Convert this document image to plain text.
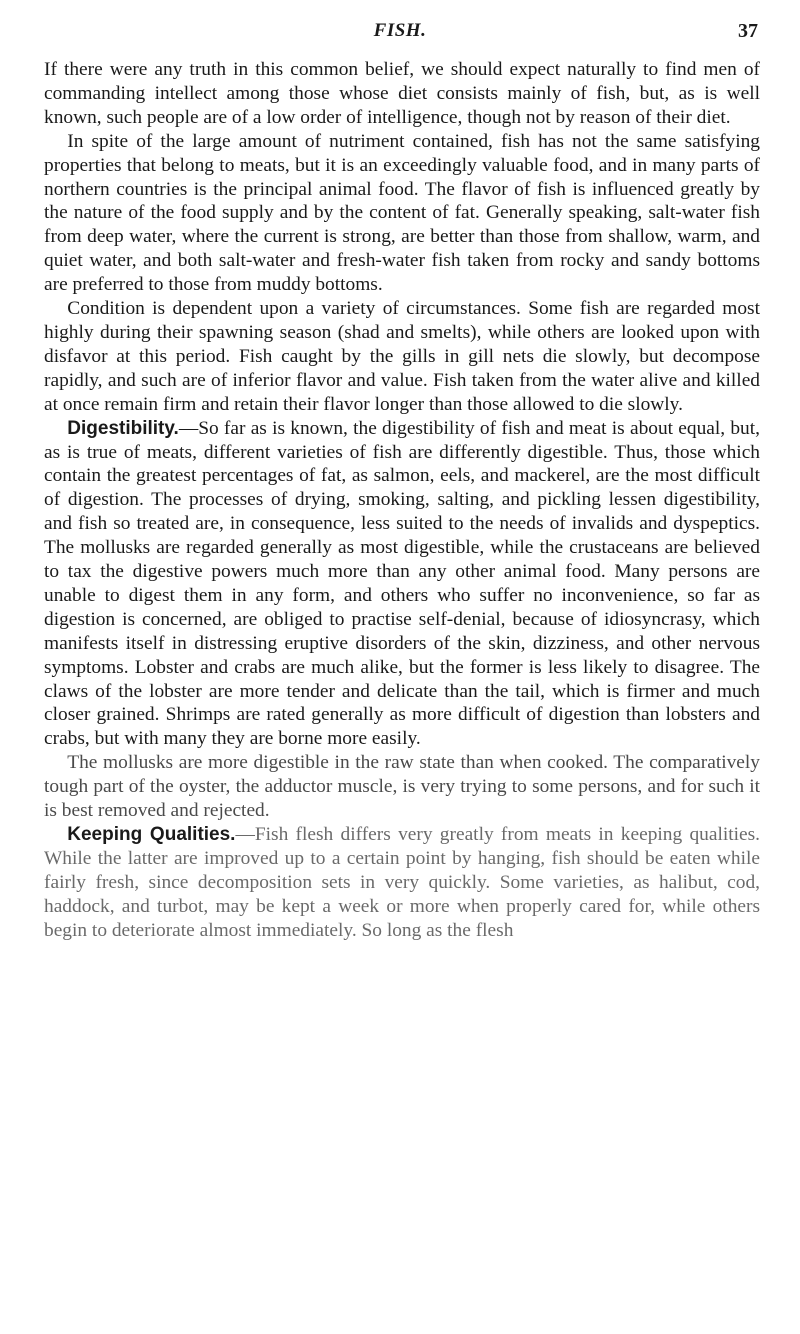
FISH.	37

If there were any truth in this common belief, we should expect naturally to find men of commanding intellect among those whose diet consists mainly of fish, but, as is well known, such people are of a low order of intelligence, though not by reason of their diet.

In spite of the large amount of nutriment contained, fish has not the same satisfying properties that belong to meats, but it is an exceedingly valuable food, and in many parts of northern countries is the principal animal food. The flavor of fish is influenced greatly by the nature of the food supply and by the content of fat. Generally speaking, salt-water fish from deep water, where the current is strong, are better than those from shallow, warm, and quiet water, and both salt-water and fresh-water fish taken from rocky and sandy bottoms are preferred to those from muddy bottoms.

Condition is dependent upon a variety of circumstances. Some fish are regarded most highly during their spawning season (shad and smelts), while others are looked upon with disfavor at this period. Fish caught by the gills in gill nets die slowly, but decompose rapidly, and such are of inferior flavor and value. Fish taken from the water alive and killed at once remain firm and retain their flavor longer than those allowed to die slowly.

Digestibility.—So far as is known, the digestibility of fish and meat is about equal, but, as is true of meats, different varieties of fish are differently digestible. Thus, those which contain the greatest percentages of fat, as salmon, eels, and mackerel, are the most difficult of digestion. The processes of drying, smoking, salting, and pickling lessen digestibility, and fish so treated are, in consequence, less suited to the needs of invalids and dyspeptics. The mollusks are regarded generally as most digestible, while the crustaceans are believed to tax the digestive powers much more than any other animal food. Many persons are unable to digest them in any form, and others who suffer no inconvenience, so far as digestion is concerned, are obliged to practise self-denial, because of idiosyncrasy, which manifests itself in distressing eruptive disorders of the skin, dizziness, and other nervous symptoms. Lobster and crabs are much alike, but the former is less likely to disagree. The claws of the lobster are more tender and delicate than the tail, which is firmer and much closer grained. Shrimps are rated generally as more difficult of digestion than lobsters and crabs, but with many they are borne more easily.

The mollusks are more digestible in the raw state than when cooked. The comparatively tough part of the oyster, the adductor muscle, is very trying to some persons, and for such it is best removed and rejected.

Keeping Qualities.—Fish flesh differs very greatly from meats in keeping qualities. While the latter are improved up to a certain point by hanging, fish should be eaten while fairly fresh, since decomposition sets in very quickly. Some varieties, as halibut, cod, haddock, and turbot, may be kept a week or more when properly cared for, while others begin to deteriorate almost immediately. So long as the flesh
